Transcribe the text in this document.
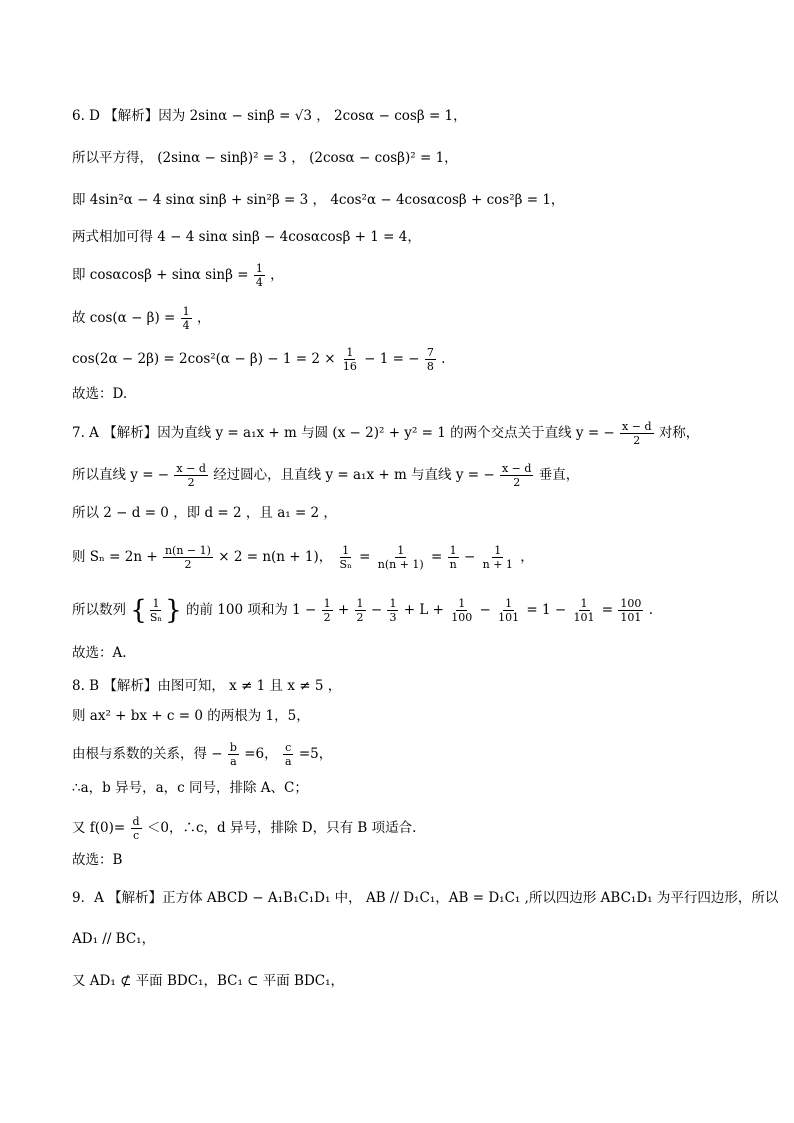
6. D 【解析】因为 2sinα − sinβ = √3 ， 2cosα − cosβ = 1，
所以平方得， (2sinα − sinβ)² = 3 ， (2cosα − cosβ)² = 1，
即 4sin²α − 4 sinα sinβ + sin²β = 3 ， 4cos²α − 4cosαcosβ + cos²β = 1，
两式相加可得 4 − 4 sinα sinβ − 4cosαcosβ + 1 = 4，
即 cosαcosβ + sinα $\sin\beta = \frac{1}{4}$ ，
故 $\cos(\alpha - \beta) = \frac{1}{4}$ ，
$\cos(2\alpha - 2\beta) = 2\cos^2(\alpha - \beta) - 1 = 2 \times \frac{1}{16} - 1$ = − $\frac{7}{8}$ .
故选：D.
7. A 【解析】因为直线 y = a₁x + m 与圆 (x − 2)² + y² = 1 的两个交点关于直线 y = − $\frac{x - d}{2}$ 对称，
所以直线 y = − $\frac{x - d}{2}$ 经过圆心，且直线 y = a₁x + m 与直线 y = − $\frac{x - d}{2}$ 垂直，
所以 2 − d = 0 ，即 d = 2 ，且 a₁ = 2 ，
则 $S_n = 2n + \frac{n(n - 1)}{2} \times 2 = n(n + 1)$， $\frac{1}{\text{Sₙ}} = \frac{1}{n(n + 1)} = \frac{1}{n} - \frac{1}{n + 1}$ ，
所以数列 { $\frac{1}{\text{Sₙ}}$ } 的前 100 项和为 $1 - \frac{1}{2} + \frac{1}{2} - \frac{1}{3} + L + \frac{1}{100} - \frac{1}{101} = 1 - \frac{1}{101} = \frac{100}{101}$ .
故选：A.
8. B 【解析】由图可知， x ≠ 1 且 x ≠ 5 ，
则 ax² + bx + c = 0 的两根为 1，5，
由根与系数的关系，得 − $\frac{b}{a} =6$， $\frac{c}{a} =5$，
∴a，b 异号，a，c 同号，排除 A、C；
又 $f(0)= \frac{d}{c} <0$，∴c，d 异号，排除 D，只有 B 项适合.
故选：B
9．A 【解析】正方体 ABCD − A₁B₁C₁D₁ 中， AB // D₁C₁，AB = D₁C₁ ,所以四边形 ABC₁D₁ 为平行四边形，所以
AD₁ // BC₁，
又 AD₁ ⊄ 平面 BDC₁，BC₁ ⊂ 平面 BDC₁，
